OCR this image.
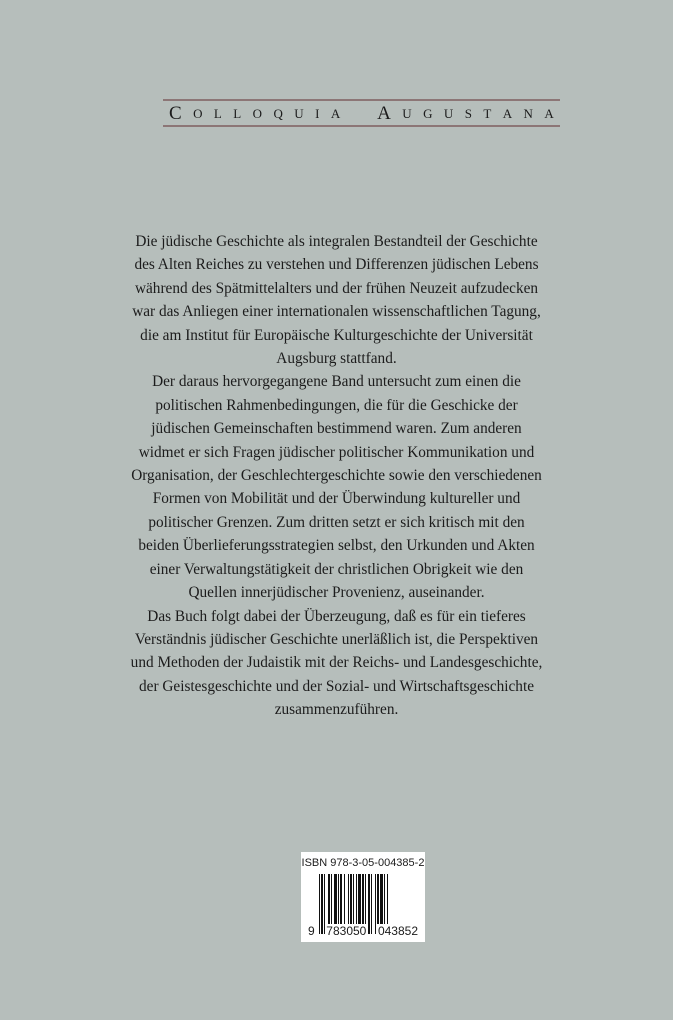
C O L L O Q U I A A U G U S T A N A
Die jüdische Geschichte als integralen Bestandteil der Geschichte
des Alten Reiches zu verstehen und Differenzen jüdischen Lebens
während des Spätmittelalters und der frühen Neuzeit aufzudecken
war das Anliegen einer internationalen wissenschaftlichen Tagung,
die am Institut für Europäische Kulturgeschichte der Universität
Augsburg stattfand.
Der daraus hervorgegangene Band untersucht zum einen die
politischen Rahmenbedingungen, die für die Geschicke der
jüdischen Gemeinschaften bestimmend waren. Zum anderen
widmet er sich Fragen jüdischer politischer Kommunikation und
Organisation, der Geschlechtergeschichte sowie den verschiedenen
Formen von Mobilität und der Überwindung kultureller und
politischer Grenzen. Zum dritten setzt er sich kritisch mit den
beiden Überlieferungsstrategien selbst, den Urkunden und Akten
einer Verwaltungstätigkeit der christlichen Obrigkeit wie den
Quellen innerjüdischer Provenienz, auseinander.
Das Buch folgt dabei der Überzeugung, daß es für ein tieferes
Verständnis jüdischer Geschichte unerläßlich ist, die Perspektiven
und Methoden der Judaistik mit der Reichs- und Landesgeschichte,
der Geistesgeschichte und der Sozial- und Wirtschaftsgeschichte
zusammenzuführen.
ISBN 978-3-05-004385-2
9 783050 043852
